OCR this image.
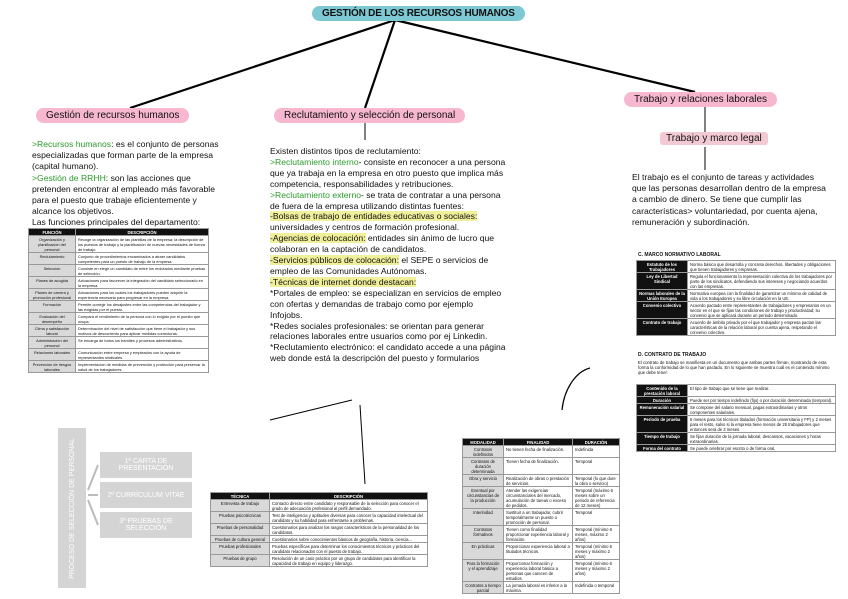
GESTIÓN DE LOS RECURSOS HUMANOS
Gestión de recursos humanos	Reclutamiento y selección de personal
Trabajo y relaciones laborales
Trabajo y marco legal
>Recursos humanos: es el conjunto de personas especializadas que forman parte de la empresa (capital humano).
>Gestión de RRHH: son las acciones que pretenden encontrar al empleado más favorable para el puesto que trabaje eficientemente y alcance los objetivos.
Las funciones principales del departamento:
FUNCIÓN	DESCRIPCIÓN
Organización y planificación del personal	Recoge la organización de las plantillas de la empresa; la descripción de los puestos de trabajo y la planificación de nuevas necesidades de fuerza de trabajo.
Reclutamiento	Conjunto de procedimientos encaminados a atraer candidatos competentes para un puesto de trabajo de la empresa.
Selección	Consiste en elegir un candidato de entre los reclutados mediante pruebas de selección.
Planes de acogida	Actuaciones para favorecer la integración del candidato seleccionado en la empresa.
Planes de carrera y promoción profesional	Actuaciones para los cuales los trabajadores pueden adquirir la experiencia necesaria para progresar en la empresa.
Formación	Permite corregir los desajustes entre las competencias del trabajador y las exigidas por el puesto.
Evaluación del desempeño	Compara el rendimiento de la persona con lo exigido por el puesto que ocupa.
Clima y satisfacción laboral	Determinación del nivel de satisfacción que tiene el trabajador y sus motivos de descontento para aplicar medidas correctoras.
Administración del personal	Se encarga de todos los trámites y procesos administrativos.
Relaciones laborales	Comunicación entre empresa y empleados con la ayuda de representantes sindicales.
Prevención de riesgos laborales	Implementación de medidas de prevención y protección para preservar la salud de los trabajadores.
Existen distintos tipos de reclutamiento:
>Reclutamiento interno- consiste en reconocer a una persona que ya trabaja en la empresa en otro puesto que implica más competencia, responsabilidades y retribuciones.
>Reclutamiento externo- se trata de contratar a una persona de fuera de la empresa utilizando distintas fuentes:
-Bolsas de trabajo de entidades educativas o sociales: universidades y centros de formación profesional.
-Agencias de colocación: entidades sin ánimo de lucro que colaboran en la captación de candidatos.
-Servicios públicos de colocación: el SEPE o servicios de empleo de las Comunidades Autónomas.
-Técnicas de internet donde destacan:
*Portales de empleo: se especializan en servicios de empleo con ofertas y demandas de trabajo como por ejemplo Infojobs.
*Redes sociales profesionales: se orientan para generar relaciones laborales entre usuarios como por ej Linkedin.
*Reclutamiento electrónico: el candidato accede a una página web donde está la descripción del puesto y formularios
El trabajo es el conjunto de tareas y actividades que las personas desarrollan dentro de la empresa a cambio de dinero. Se tiene que cumplir las características> voluntariedad, por cuenta ajena, remuneración y subordinación.
C. MARCO NORMATIVO LABORAL
Estatuto de los Trabajadores	Norma básica que desarrolla y concreta derechos, libertades y obligaciones que tienen trabajadores y empresas.
Ley de Libertad Sindical	Regula el funcionamiento la representación colectiva de los trabajadores por parte de los sindicatos, defendiendo sus intereses y negociando acuerdos con las empresas.
Normas laborales de la Unión Europea	Normativa europea con la finalidad de garantizar un mínimo de calidad de vida a los trabajadores y su libre circulación en la UE.
Convenio colectivo	Acuerdo pactado entre representantes de trabajadores y empresarios en un sector en el que se fijan las condiciones de trabajo y productividad; su convenio que se aplicará durante un periodo determinado.
Contrato de trabajo	Acuerdo de ámbito privado por el que trabajador y empresa pactan las características de la relación laboral por cuenta ajena, respetando el convenio colectivo.
D. CONTRATO DE TRABAJO
El contrato de trabajo se manifiesta en un documento que ambas partes firman, mostrando de esta forma la conformidad de lo que han pactado. En lo siguiente se muestra cuál es el contenido mínimo que debe tener:
Contenido de la prestación laboral	El tipo de trabajo que se tiene que realizar.
Duración	Puede ser por tiempo indefinido (fijo) o por duración determinada (temporal).
Remuneración salarial	Se compone del salario mensual, pagas extraordinarias y otros componentes salariales.
Periodo de prueba	6 meses para los técnicos titulados (formación universitaria y FP) y 2 meses para el resto, salvo si la empresa tiene menos de 25 trabajadores que entonces será de 3 meses.
Tiempo de trabajo	Se fijan duración de la jornada laboral, descansos, vacaciones y horas extraordinarias.
Forma del contrato	Se puede celebrar por escrito o de forma oral.
MODALIDAD	FINALIDAD	DURACIÓN
Contratos indefinidos	No tienen fecha de finalización.	Indefinida
Contratos de duración determinada	Tienen fecha de finalización.	Temporal
Obra y servicio	Realización de obras o prestación de servicios.	Temporal (lo que dure la obra o servicio)
Eventual por circunstancias de la producción	Atender las exigencias circunstanciales del mercado, acumulación de tareas o exceso de pedidos.	Temporal (máximo 6 meses sobre un periodo de referencia de 12 meses)
Interinidad	Sustituir a un trabajador, cubrir temporalmente un puesto o promoción de personal.	Temporal
Contratos formativos	Tienen como finalidad proporcionar experiencia laboral y formación.	Temporal (mínimo 6 meses, máximo 2 años)
En prácticas	Proporcionar experiencia laboral a titulados técnicos.	Temporal (mínimo 6 meses y máximo 2 años)
Para la formación y el aprendizaje	Proporcionar formación y experiencia laboral básica a personas que carecen de estudios.	Temporal (mínimo 6 meses y máximo 2 años)
Contratos a tiempo parcial	La jornada laboral es inferior a la máxima.	Indefinida o temporal
PROCESO DE SELECCIÓN DE PERSONAL	1º CARTA DE PRESENTACIÓN
2º CURRÍCULUM VITAE
3º PRUEBAS DE SELECCIÓN
TÉCNICA	DESCRIPCIÓN
Entrevista de trabajo	Contacto directo entre candidato y responsable de la selección para conocer el grado de adecuación profesional al perfil demandado.
Pruebas psicotécnicas	Test de inteligencia y aptitudes diversas para conocer la capacidad intelectual del candidato y su habilidad para enfrentarse a problemas.
Pruebas de personalidad	Cuestionarios para analizar los rasgos característicos de la personalidad de los candidatos.
Pruebas de cultura general	Cuestionarios sobre conocimientos básicos de geografía, historia, ciencia...
Pruebas profesionales	Pruebas específicas para determinar los conocimientos técnicos y prácticos del candidato relacionados con el puesto de trabajo.
Pruebas de grupo	Resolución de un caso práctico por un grupo de candidatos para identificar la capacidad de trabajo en equipo y liderazgo.
